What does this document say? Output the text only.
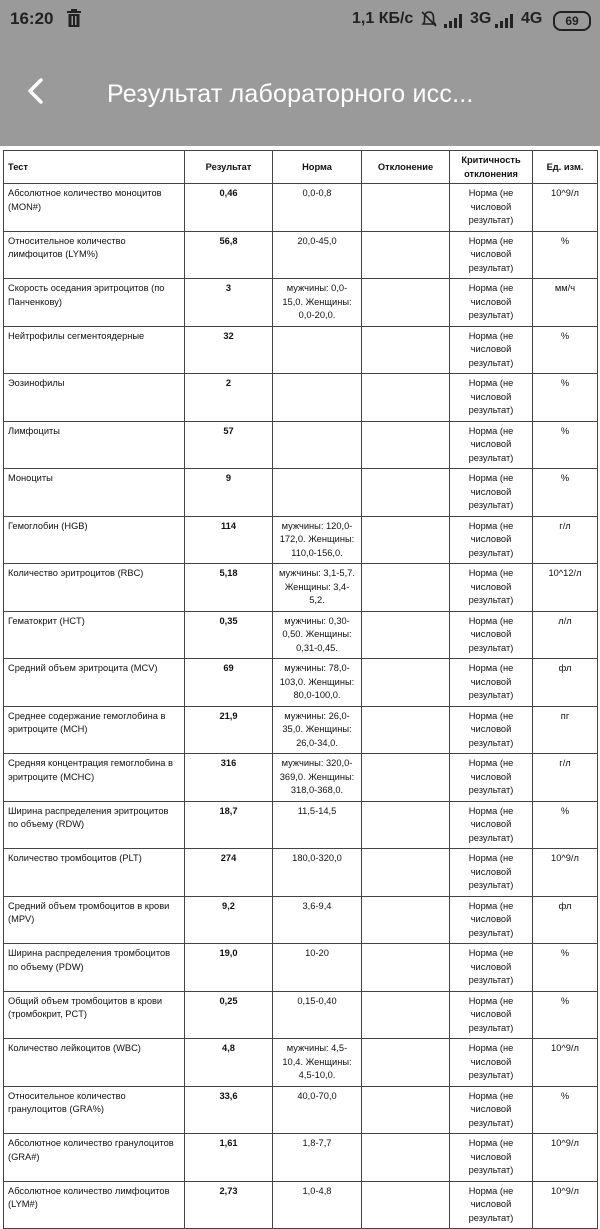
16:20	1,1 КБ/с	3G 4G	69
Результат лабораторного исс...
Тест	Результат	Норма	Отклонение	Критичность отклонения	Ед. изм.
Абсолютное количество моноцитов (MON#)	0,46	0,0-0,8		Норма (не числовой результат)	10^9/л
Относительное количество лимфоцитов (LYM%)	56,8	20,0-45,0		Норма (не числовой результат)	%
Скорость оседания эритроцитов (по Панченкову)	3	мужчины: 0,0-15,0. Женщины: 0,0-20,0.		Норма (не числовой результат)	мм/ч
Нейтрофилы сегментоядерные	32			Норма (не числовой результат)	%
Эозинофилы	2			Норма (не числовой результат)	%
Лимфоциты	57			Норма (не числовой результат)	%
Моноциты	9			Норма (не числовой результат)	%
Гемоглобин (HGB)	114	мужчины: 120,0-172,0. Женщины: 110,0-156,0.		Норма (не числовой результат)	г/л
Количество эритроцитов (RBC)	5,18	мужчины: 3,1-5,7. Женщины: 3,4-5,2.		Норма (не числовой результат)	10^12/л
Гематокрит (HCT)	0,35	мужчины: 0,30-0,50. Женщины: 0,31-0,45.		Норма (не числовой результат)	л/л
Средний объем эритроцита (MCV)	69	мужчины: 78,0-103,0. Женщины: 80,0-100,0.		Норма (не числовой результат)	фл
Среднее содержание гемоглобина в эритроците (MCH)	21,9	мужчины: 26,0-35,0. Женщины: 26,0-34,0.		Норма (не числовой результат)	пг
Средняя концентрация гемоглобина в эритроците (MCHC)	316	мужчины: 320,0-369,0. Женщины: 318,0-368,0.		Норма (не числовой результат)	г/л
Ширина распределения эритроцитов по объему (RDW)	18,7	11,5-14,5		Норма (не числовой результат)	%
Количество тромбоцитов (PLT)	274	180,0-320,0		Норма (не числовой результат)	10^9/л
Средний объем тромбоцитов в крови (MPV)	9,2	3,6-9,4		Норма (не числовой результат)	фл
Ширина распределения тромбоцитов по объему (PDW)	19,0	10-20		Норма (не числовой результат)	%
Общий объем тромбоцитов в крови (тромбокрит, PCT)	0,25	0,15-0,40		Норма (не числовой результат)	%
Количество лейкоцитов (WBC)	4,8	мужчины: 4,5-10,4. Женщины: 4,5-10,0.		Норма (не числовой результат)	10^9/л
Относительное количество гранулоцитов (GRA%)	33,6	40,0-70,0		Норма (не числовой результат)	%
Абсолютное количество гранулоцитов (GRA#)	1,61	1,8-7,7		Норма (не числовой результат)	10^9/л
Абсолютное количество лимфоцитов (LYM#)	2,73	1,0-4,8		Норма (не числовой результат)	10^9/л
